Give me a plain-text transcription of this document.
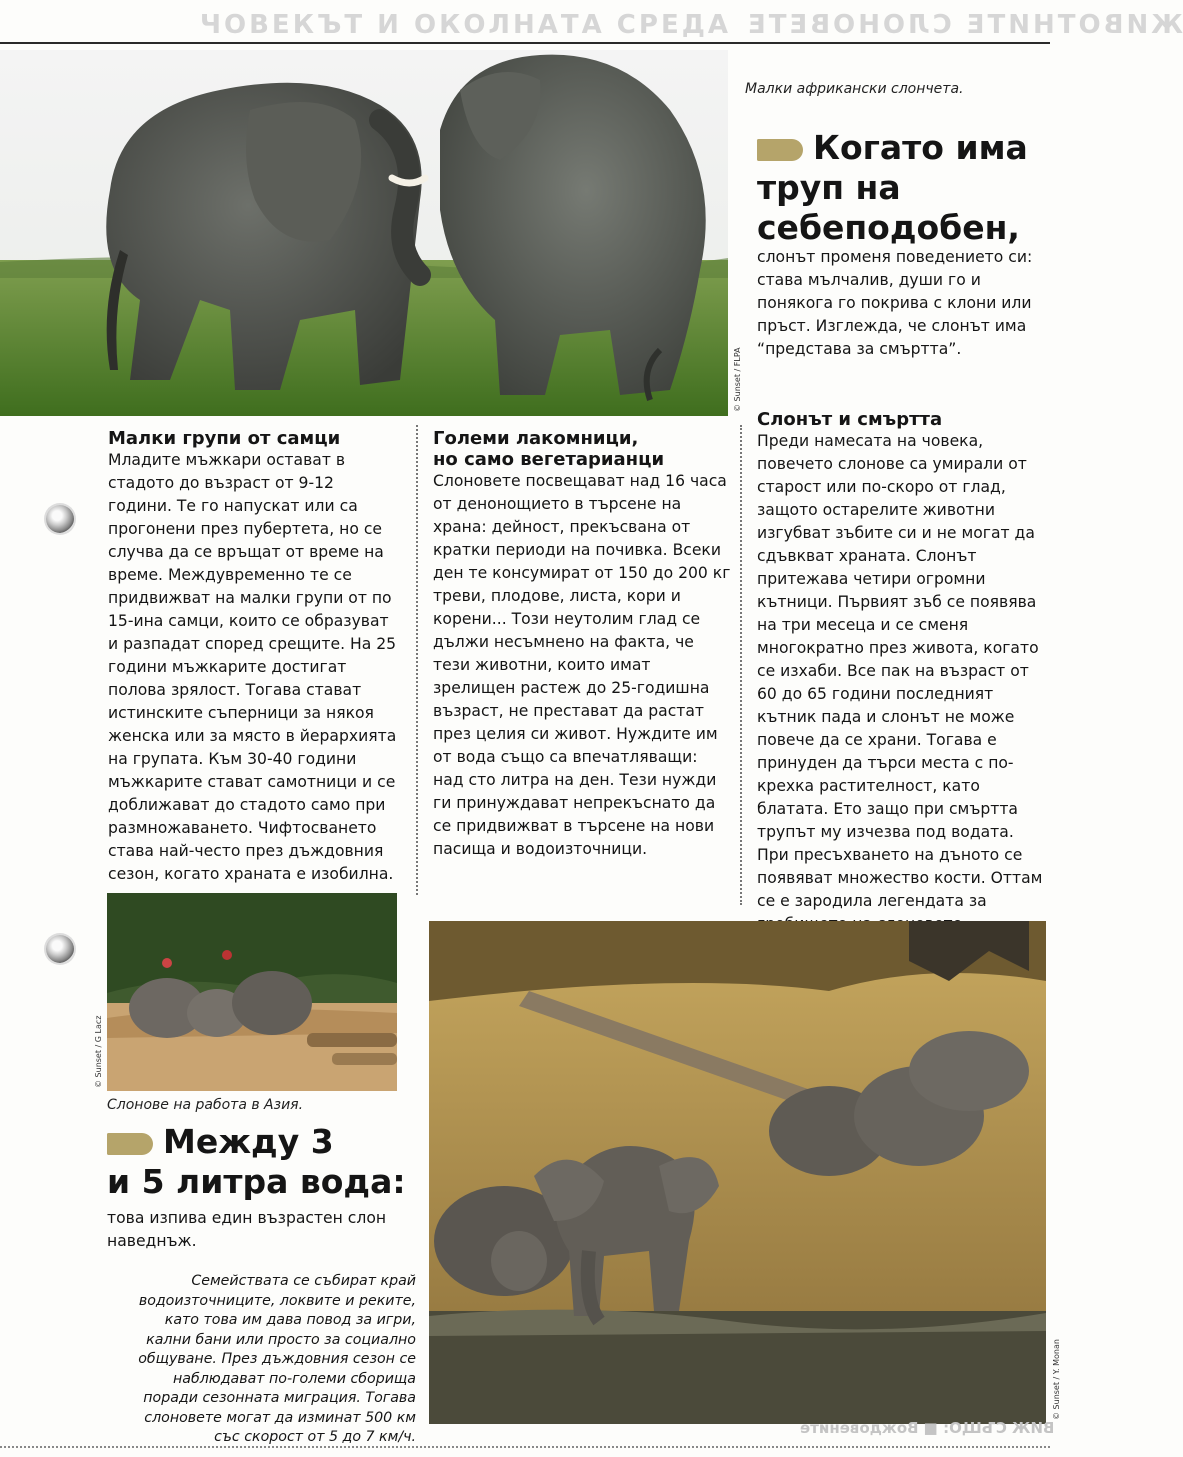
ЧОВЕКЪТ И ОКОЛНАТА СРЕДА ЖИВОТНИТЕ СЛОНОВЕТЕ
© Sunset / FLPA
Малки африкански слончета.
Когато има труп на себеподобен,
слонът променя поведението си: става мълчалив, души го и понякога го покрива с клони или пръст. Изглежда, че слонът има “представа за смъртта”.
Малки групи от самци
Младите мъжкари остават в стадото до възраст от 9-12 години. Те го напускат или са прогонени през пубертета, но се случва да се връщат от време на време. Междувременно те се придвижват на малки групи от по 15-ина самци, които се образуват и разпадат според срещите. На 25 години мъжкарите достигат полова зрялост. Тогава стават истинските съперници за някоя женска или за място в йерархията на групата. Към 30-40 години мъжкарите стават самотници и се доближават до стадото само при размножаването. Чифтосването става най-често през дъждовния сезон, когато храната е изобилна.
Големи лакомници,
но само вегетарианци
Слоновете посвещават над 16 часа от денонощието в търсене на храна: дейност, прекъсвана от кратки периоди на почивка. Всеки ден те консумират от 150 до 200 кг треви, плодове, листа, кори и корени... Този неутолим глад се дължи несъмнено на факта, че тези животни, които имат зрелищен растеж до 25-годишна възраст, не престават да растат през целия си живот. Нуждите им от вода също са впечатляващи: над сто литра на ден. Тези нужди ги принуждават непрекъснато да се придвижват в търсене на нови пасища и водоизточници.
Слонът и смъртта
Преди намесата на човека, повечето слонове са умирали от старост или по-скоро от глад, защото остарелите животни изгубват зъбите си и не могат да сдъвкват храната. Слонът притежава четири огромни кътници. Първият зъб се появява на три месеца и се сменя многократно през живота, когато се изхаби. Все пак на възраст от 60 до 65 години последният кътник пада и слонът не може повече да се храни. Тогава е принуден да търси места с по-крехка растителност, като блатата. Ето защо при смъртта трупът му изчезва под водата. При пресъхването на дъното се появяват множество кости. Оттам се е зародила легендата за
© Sunset / G Lacz
Слонове на работа в Азия.
Между 3
и 5 литра вода:
това изпива един възрастен слон наведнъж.
Семействата се събират край водоизточниците, локвите и реките, като това им дава повод за игри, кални бани или просто за социално общуване. През дъждовния сезон се наблюдават по-големи сборища поради сезонната миграция. Тогава слоновете могат да изминат 500 км със скорост от 5 до 7 км/ч.
© Sunset / Y. Monan
ВИЖ СЪЩО: ■ Вождовените
